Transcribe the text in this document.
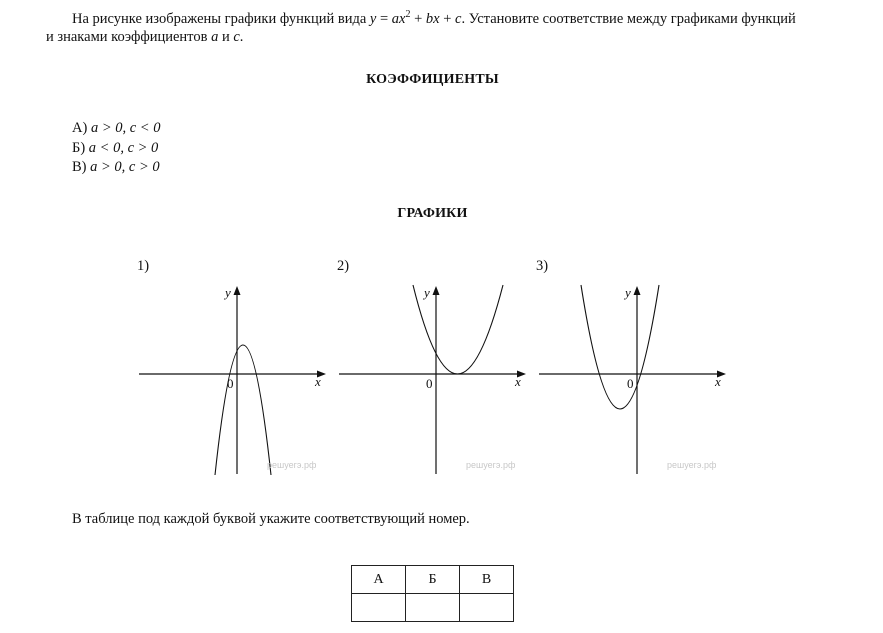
На рисунке изображены графики функций вида $y = ax^2$ + bx + c. Установите соответствие между графиками функций
и знаками коэффициентов a и c.
КОЭФФИЦИЕНТЫ
А) a > 0, c < 0
Б) a < 0, c > 0
В) a > 0, c > 0
ГРАФИКИ
1)	2)	3)
y
x
0
решуегэ.рф
y
x
0
решуегэ.рф
y
x
0
решуегэ.рф
В таблице под каждой буквой укажите соответствующий номер.
А	Б	В
